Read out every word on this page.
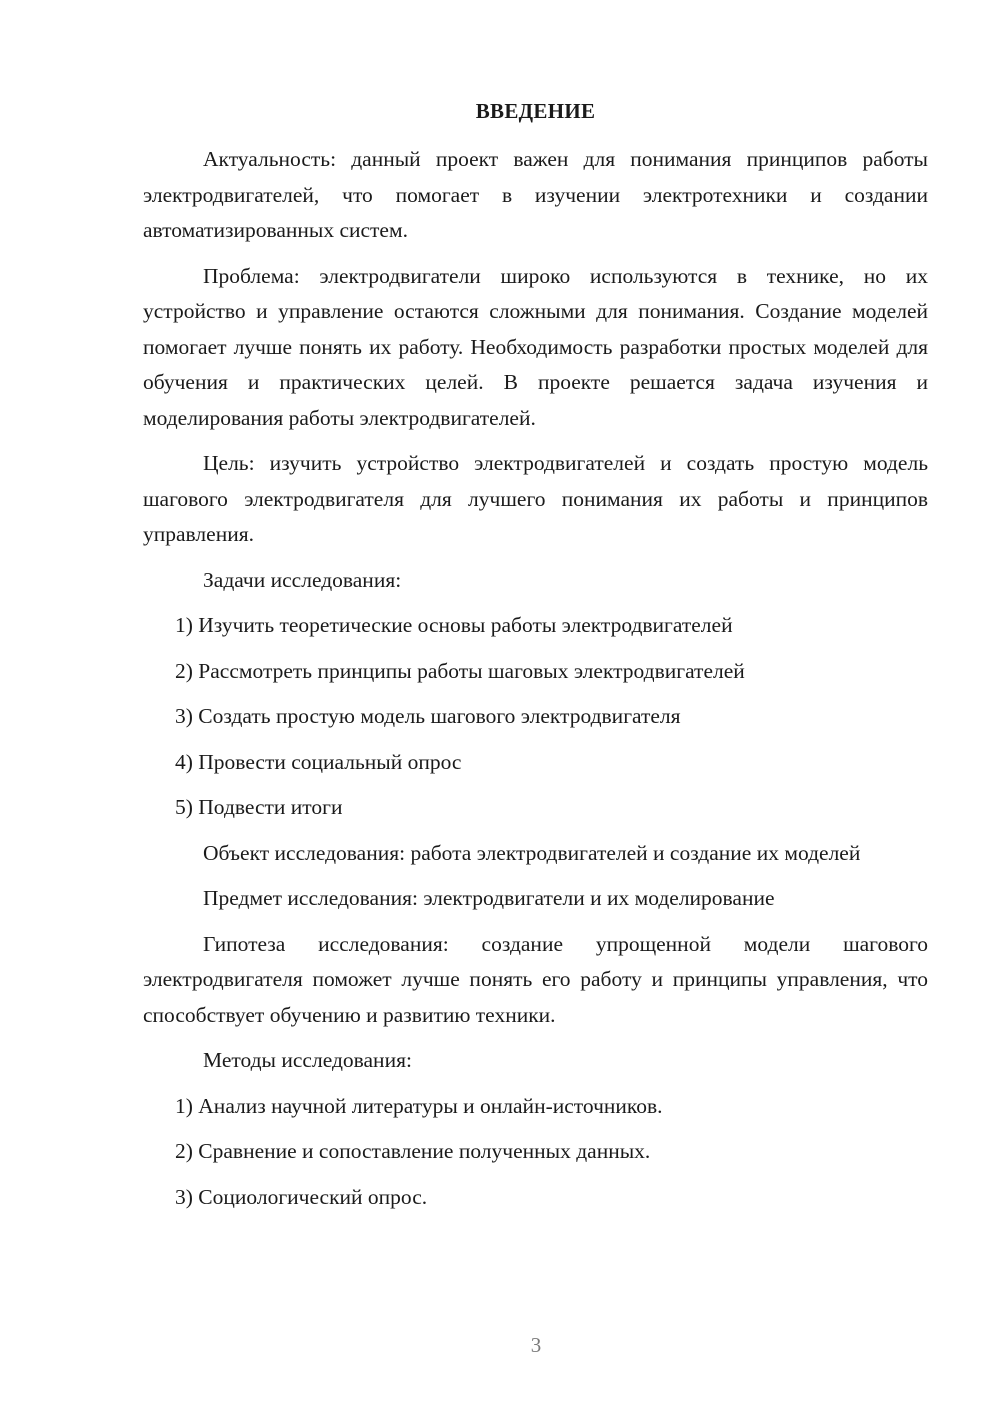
ВВЕДЕНИЕ

Актуальность: данный проект важен для понимания принципов работы электродвигателей, что помогает в изучении электротехники и создании автоматизированных систем.

Проблема: электродвигатели широко используются в технике, но их устройство и управление остаются сложными для понимания. Создание моделей помогает лучше понять их работу. Необходимость разработки простых моделей для обучения и практических целей. В проекте решается задача изучения и моделирования работы электродвигателей.

Цель: изучить устройство электродвигателей и создать простую модель шагового электродвигателя для лучшего понимания их работы и принципов управления.

Задачи исследования:

1) Изучить теоретические основы работы электродвигателей
2) Рассмотреть принципы работы шаговых электродвигателей
3) Создать простую модель шагового электродвигателя
4) Провести социальный опрос
5) Подвести итоги

Объект исследования: работа электродвигателей и создание их моделей

Предмет исследования: электродвигатели и их моделирование

Гипотеза исследования: создание упрощенной модели шагового электродвигателя поможет лучше понять его работу и принципы управления, что способствует обучению и развитию техники.

Методы исследования:

1) Анализ научной литературы и онлайн-источников.
2) Сравнение и сопоставление полученных данных.
3) Социологический опрос.
3
